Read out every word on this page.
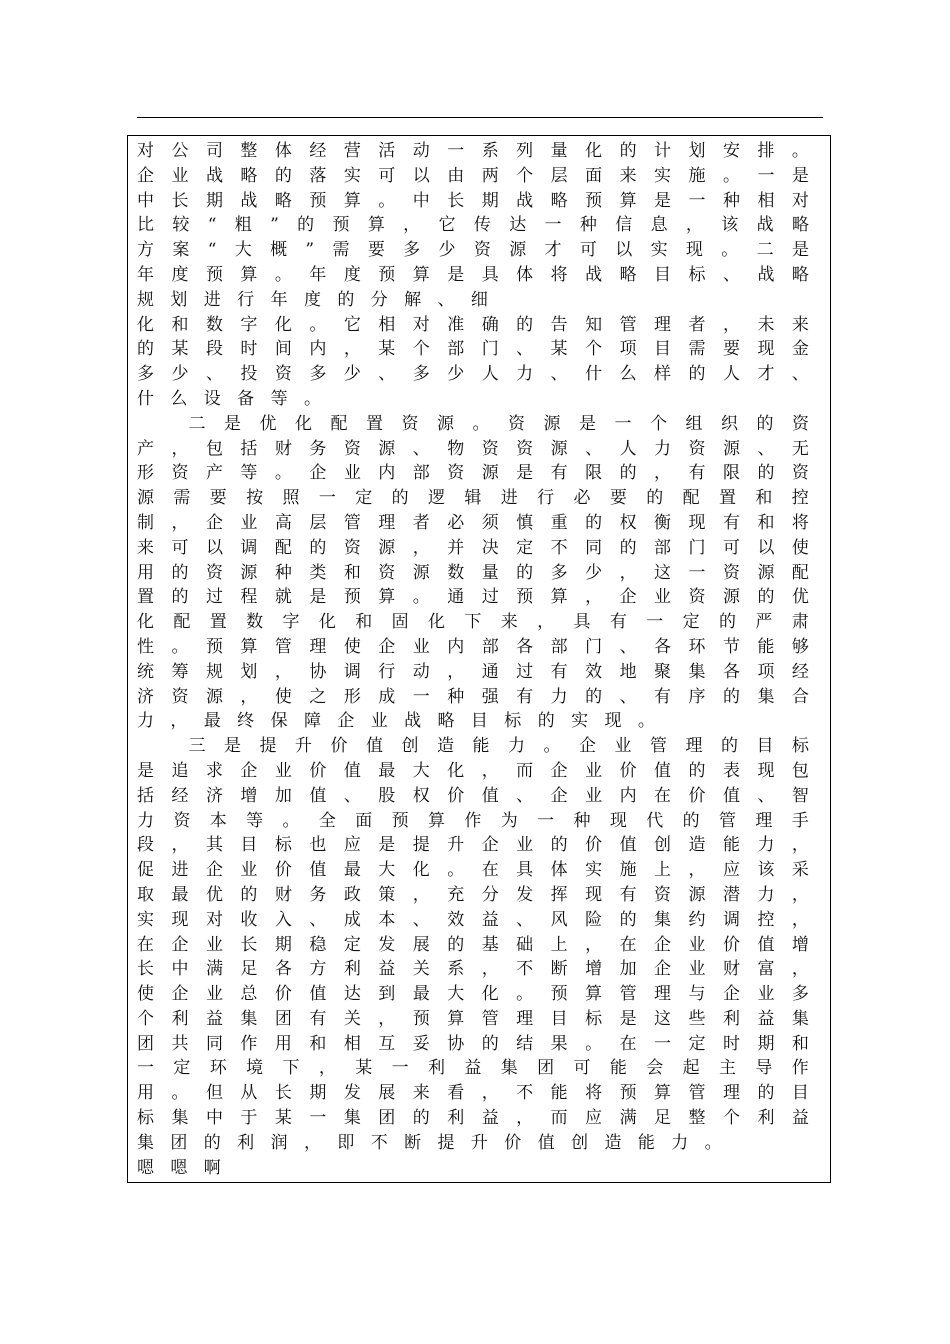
对 公 司 整 体 经 营 活 动 一 系 列 量 化 的 计 划 安 排 。
企 业 战 略 的 落 实 可 以 由 两 个 层 面 来 实 施 。 一 是
中 长 期 战 略 预 算 。 中 长 期 战 略 预 算 是 一 种 相 对
比 较 “ 粗 ” 的 预 算 ， 它 传 达 一 种 信 息 ， 该 战 略
方 案 “ 大 概 ” 需 要 多 少 资 源 才 可 以 实 现 。 二 是
年 度 预 算 。 年 度 预 算 是 具 体 将 战 略 目 标 、 战 略
规 划 进 行 年 度 的 分 解 、 细
化 和 数 字 化 。 它 相 对 准 确 的 告 知 管 理 者 ， 未 来
的 某 段 时 间 内 ， 某 个 部 门 、 某 个 项 目 需 要 现 金
多 少 、 投 资 多 少 、 多 少 人 力 、 什 么 样 的 人 才 、
什 么 设 备 等 。
二 是 优 化 配 置 资 源 。 资 源 是 一 个 组 织 的 资
产 ， 包 括 财 务 资 源 、 物 资 资 源 、 人 力 资 源 、 无
形 资 产 等 。 企 业 内 部 资 源 是 有 限 的 ， 有 限 的 资
源 需 要 按 照 一 定 的 逻 辑 进 行 必 要 的 配 置 和 控
制 ， 企 业 高 层 管 理 者 必 须 慎 重 的 权 衡 现 有 和 将
来 可 以 调 配 的 资 源 ， 并 决 定 不 同 的 部 门 可 以 使
用 的 资 源 种 类 和 资 源 数 量 的 多 少 ， 这 一 资 源 配
置 的 过 程 就 是 预 算 。 通 过 预 算 ， 企 业 资 源 的 优
化 配 置 数 字 化 和 固 化 下 来 ， 具 有 一 定 的 严 肃
性 。 预 算 管 理 使 企 业 内 部 各 部 门 、 各 环 节 能 够
统 筹 规 划 ， 协 调 行 动 ， 通 过 有 效 地 聚 集 各 项 经
济 资 源 ， 使 之 形 成 一 种 强 有 力 的 、 有 序 的 集 合
力 ， 最 终 保 障 企 业 战 略 目 标 的 实 现 。
三 是 提 升 价 值 创 造 能 力 。 企 业 管 理 的 目 标
是 追 求 企 业 价 值 最 大 化 ， 而 企 业 价 值 的 表 现 包
括 经 济 增 加 值 、 股 权 价 值 、 企 业 内 在 价 值 、 智
力 资 本 等 。 全 面 预 算 作 为 一 种 现 代 的 管 理 手
段 ， 其 目 标 也 应 是 提 升 企 业 的 价 值 创 造 能 力 ，
促 进 企 业 价 值 最 大 化 。 在 具 体 实 施 上 ， 应 该 采
取 最 优 的 财 务 政 策 ， 充 分 发 挥 现 有 资 源 潜 力 ，
实 现 对 收 入 、 成 本 、 效 益 、 风 险 的 集 约 调 控 ，
在 企 业 长 期 稳 定 发 展 的 基 础 上 ， 在 企 业 价 值 增
长 中 满 足 各 方 利 益 关 系 ， 不 断 增 加 企 业 财 富 ，
使 企 业 总 价 值 达 到 最 大 化 。 预 算 管 理 与 企 业 多
个 利 益 集 团 有 关 ， 预 算 管 理 目 标 是 这 些 利 益 集
团 共 同 作 用 和 相 互 妥 协 的 结 果 。 在 一 定 时 期 和
一 定 环 境 下 ， 某 一 利 益 集 团 可 能 会 起 主 导 作
用 。 但 从 长 期 发 展 来 看 ， 不 能 将 预 算 管 理 的 目
标 集 中 于 某 一 集 团 的 利 益 ， 而 应 满 足 整 个 利 益
集 团 的 利 润 ， 即 不 断 提 升 价 值 创 造 能 力 。
嗯 嗯 啊
